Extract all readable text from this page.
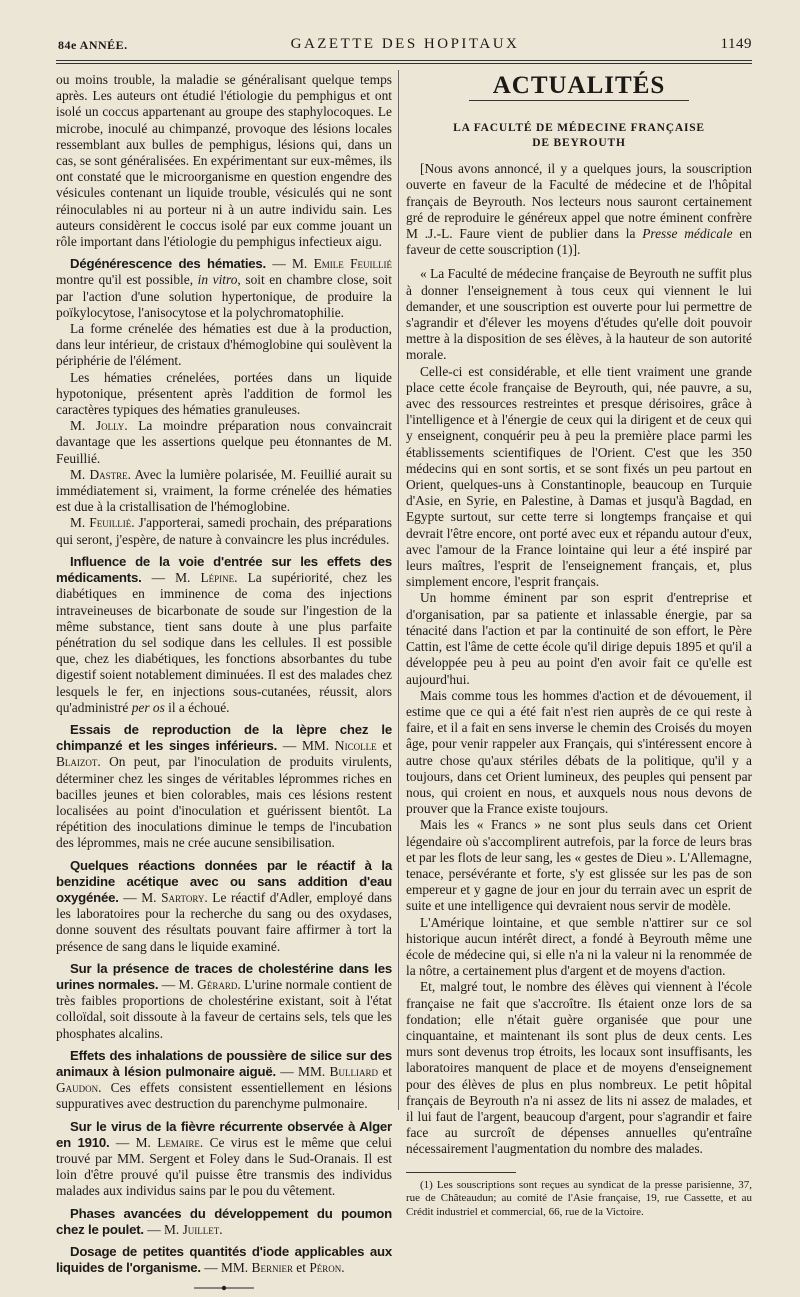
84e ANNÉE.	GAZETTE DES HOPITAUX	1149

ou moins trouble, la maladie se généralisant quelque temps après. Les auteurs ont étudié l'étiologie du pemphigus et ont isolé un coccus appartenant au groupe des staphylocoques. Le microbe, inoculé au chimpanzé, provoque des lésions locales ressemblant aux bulles de pemphigus, lésions qui, dans un cas, se sont généralisées. En expérimentant sur eux-mêmes, ils ont constaté que le microorganisme en question engendre des vésicules contenant un liquide trouble, vésiculés qui ne sont réinoculables ni au porteur ni à un autre individu sain. Les auteurs considèrent le coccus isolé par eux comme jouant un rôle important dans l'étiologie du pemphigus infectieux aigu.

Dégénérescence des hématies. — M. Emile Feuillié montre qu'il est possible, in vitro, soit en chambre close, soit par l'action d'une solution hypertonique, de produire la poïkylocytose, l'anisocytose et la polychromatophilie.

La forme crénelée des hématies est due à la production, dans leur intérieur, de cristaux d'hémoglobine qui soulèvent la périphérie de l'élément.

Les hématies crénelées, portées dans un liquide hypotonique, présentent après l'addition de formol les caractères typiques des hématies granuleuses.

M. Jolly. La moindre préparation nous convaincrait davantage que les assertions quelque peu étonnantes de M. Feuillié.

M. Dastre. Avec la lumière polarisée, M. Feuillié aurait su immédiatement si, vraiment, la forme crénelée des hématies est due à la cristallisation de l'hémoglobine.

M. Feuillié. J'apporterai, samedi prochain, des préparations qui seront, j'espère, de nature à convaincre les plus incrédules.

Influence de la voie d'entrée sur les effets des médicaments. — M. Lépine. La supériorité, chez les diabétiques en imminence de coma des injections intraveineuses de bicarbonate de soude sur l'ingestion de la même substance, tient sans doute à une plus parfaite pénétration du sel sodique dans les cellules. Il est possible que, chez les diabétiques, les fonctions absorbantes du tube digestif soient notablement diminuées. Il est des malades chez lesquels le fer, en injections sous-cutanées, réussit, alors qu'administré per os il a échoué.

Essais de reproduction de la lèpre chez le chimpanzé et les singes inférieurs. — MM. Nicolle et Blaizot. On peut, par l'inoculation de produits virulents, déterminer chez les singes de véritables léprommes riches en bacilles jeunes et bien colorables, mais ces lésions restent localisées au point d'inoculation et guérissent bientôt. La répétition des inoculations diminue le temps de l'incubation des léprommes, mais ne crée aucune sensibilisation.

Quelques réactions données par le réactif à la benzidine acétique avec ou sans addition d'eau oxygénée. — M. Sartory. Le réactif d'Adler, employé dans les laboratoires pour la recherche du sang ou des oxydases, donne souvent des résultats pouvant faire affirmer à tort la présence de sang dans le liquide examiné.

Sur la présence de traces de cholestérine dans les urines normales. — M. Gérard. L'urine normale contient de très faibles proportions de cholestérine existant, soit à l'état colloïdal, soit dissoute à la faveur de certains sels, tels que les phosphates alcalins.

Effets des inhalations de poussière de silice sur des animaux à lésion pulmonaire aiguë. — MM. Bulliard et Gaudon. Ces effets consistent essentiellement en lésions suppuratives avec destruction du parenchyme pulmonaire.

Sur le virus de la fièvre récurrente observée à Alger en 1910. — M. Lemaire. Ce virus est le même que celui trouvé par MM. Sergent et Foley dans le Sud-Oranais. Il est loin d'être prouvé qu'il puisse être transmis des individus malades aux individus sains par le pou du vêtement.

Phases avancées du développement du poumon chez le poulet. — M. Juillet.

Dosage de petites quantités d'iode applicables aux liquides de l'organisme. — MM. Bernier et Péron.

ACTUALITÉS
LA FACULTÉ DE MÉDECINE FRANÇAISE
DE BEYROUTH

[Nous avons annoncé, il y a quelques jours, la souscription ouverte en faveur de la Faculté de médecine et de l'hôpital français de Beyrouth. Nos lecteurs nous sauront certainement gré de reproduire le généreux appel que notre éminent confrère M .J.-L. Faure vient de publier dans la Presse médicale en faveur de cette souscription (1)].

« La Faculté de médecine française de Beyrouth ne suffit plus à donner l'enseignement à tous ceux qui viennent le lui demander, et une souscription est ouverte pour lui permettre de s'agrandir et d'élever les moyens d'études qu'elle doit pouvoir mettre à la disposition de ses élèves, à la hauteur de son autorité morale.

Celle-ci est considérable, et elle tient vraiment une grande place cette école française de Beyrouth, qui, née pauvre, a su, avec des ressources restreintes et presque dérisoires, grâce à l'intelligence et à l'énergie de ceux qui la dirigent et de ceux qui y enseignent, conquérir peu à peu la première place parmi les établissements scientifiques de l'Orient. C'est que les 350 médecins qui en sont sortis, et se sont fixés un peu partout en Orient, quelques-uns à Constantinople, beaucoup en Turquie d'Asie, en Syrie, en Palestine, à Damas et jusqu'à Bagdad, en Egypte surtout, sur cette terre si longtemps française et qui devrait l'être encore, ont porté avec eux et répandu autour d'eux, avec l'amour de la France lointaine qui leur a été inspiré par leurs maîtres, l'esprit de l'enseignement français, et, plus simplement encore, l'esprit français.

Un homme éminent par son esprit d'entreprise et d'organisation, par sa patiente et inlassable énergie, par sa ténacité dans l'action et par la continuité de son effort, le Père Cattin, est l'âme de cette école qu'il dirige depuis 1895 et qu'il a développée peu à peu au point d'en avoir fait ce qu'elle est aujourd'hui.

Mais comme tous les hommes d'action et de dévouement, il estime que ce qui a été fait n'est rien auprès de ce qui reste à faire, et il a fait en sens inverse le chemin des Croisés du moyen âge, pour venir rappeler aux Français, qui s'intéressent encore à autre chose qu'aux stériles débats de la politique, qu'il y a toujours, dans cet Orient lumineux, des peuples qui pensent par nous, qui croient en nous, et auxquels nous nous devons de prouver que la France existe toujours.

Mais les « Francs » ne sont plus seuls dans cet Orient légendaire où s'accomplirent autrefois, par la force de leurs bras et par les flots de leur sang, les « gestes de Dieu ». L'Allemagne, tenace, persévérante et forte, s'y est glissée sur les pas de son empereur et y gagne de jour en jour du terrain avec un esprit de suite et une intelligence qui devraient nous servir de modèle.

L'Amérique lointaine, et que semble n'attirer sur ce sol historique aucun intérêt direct, a fondé à Beyrouth même une école de médecine qui, si elle n'a ni la valeur ni la renommée de la nôtre, a certainement plus d'argent et de moyens d'action.

Et, malgré tout, le nombre des élèves qui viennent à l'école française ne fait que s'accroître. Ils étaient onze lors de sa fondation; elle n'était guère organisée que pour une cinquantaine, et maintenant ils sont plus de deux cents. Les murs sont devenus trop étroits, les locaux sont insuffisants, les laboratoires manquent de place et de moyens d'enseignement pour des élèves de plus en plus nombreux. Le petit hôpital français de Beyrouth n'a ni assez de lits ni assez de malades, et il lui faut de l'argent, beaucoup d'argent, pour s'agrandir et faire face au surcroît de dépenses annuelles qu'entraîne nécessairement l'augmentation du nombre des malades.

(1) Les souscriptions sont reçues au syndicat de la presse parisienne, 37, rue de Châteaudun; au comité de l'Asie française, 19, rue Cassette, et au Crédit industriel et commercial, 66, rue de la Victoire.
